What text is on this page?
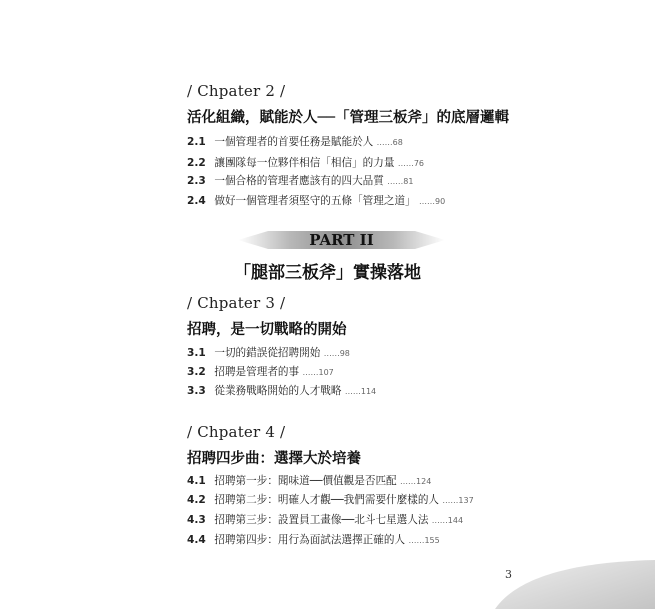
/ Chpater 2 /
活化組織，賦能於人──「管理三板斧」的底層邏輯
2.1 一個管理者的首要任務是賦能於人 ……68
2.2 讓團隊每一位夥伴相信「相信」的力量 ……76
2.3 一個合格的管理者應該有的四大品質 ……81
2.4 做好一個管理者須堅守的五條「管理之道」 ……90
PART II
「腿部三板斧」實操落地
/ Chpater 3 /
招聘，是一切戰略的開始
3.1 一切的錯誤從招聘開始 ……98
3.2 招聘是管理者的事 ……107
3.3 從業務戰略開始的人才戰略 ……114
/ Chpater 4 /
招聘四步曲：選擇大於培養
4.1 招聘第一步：聞味道──價值觀是否匹配 ……124
4.2 招聘第二步：明確人才觀──我們需要什麼樣的人 ……137
4.3 招聘第三步：設置員工畫像──北斗七星選人法 ……144
4.4 招聘第四步：用行為面試法選擇正確的人 ……155
3
